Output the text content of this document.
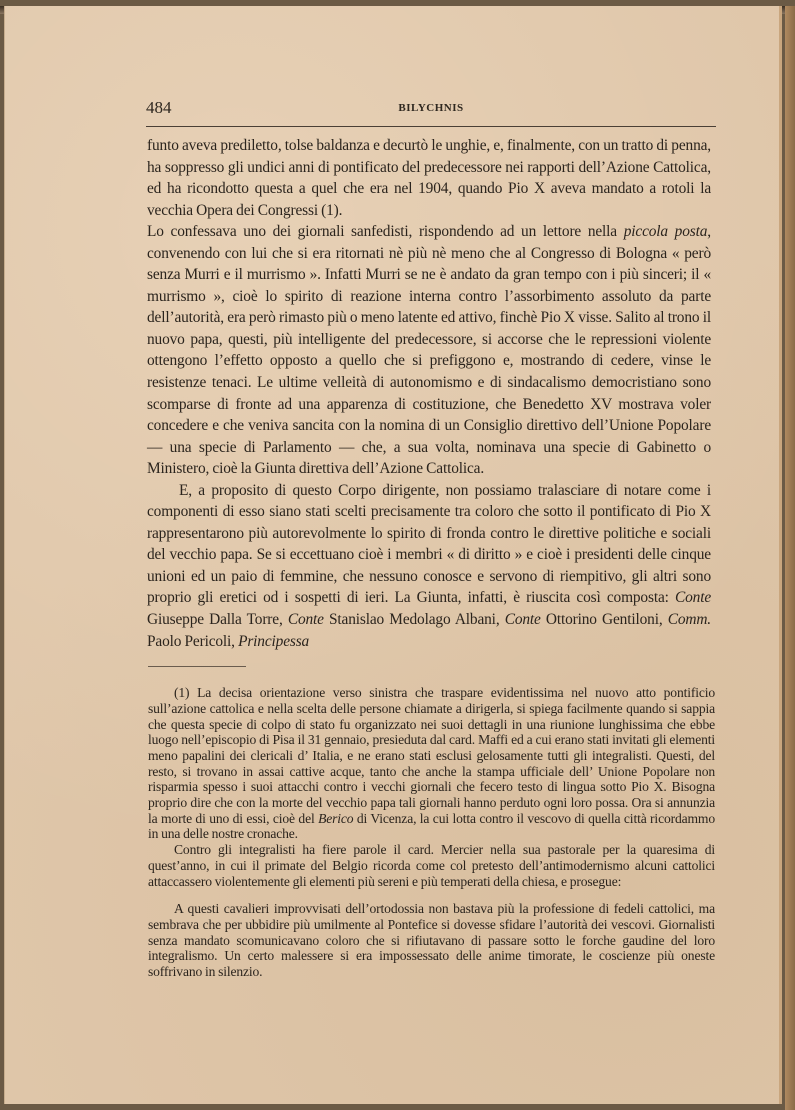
484	BILYCHNIS

funto aveva prediletto, tolse baldanza e decurtò le unghie, e, finalmente, con un tratto di penna, ha soppresso gli undici anni di pontificato del predecessore nei rapporti dell’Azione Cattolica, ed ha ricondotto questa a quel che era nel 1904, quando Pio X aveva mandato a rotoli la vecchia Opera dei Congressi (1).

Lo confessava uno dei giornali sanfedisti, rispondendo ad un lettore nella piccola posta, convenendo con lui che si era ritornati nè più nè meno che al Congresso di Bologna « però senza Murri e il murrismo ». Infatti Murri se ne è andato da gran tempo con i più sinceri; il « murrismo », cioè lo spirito di reazione interna contro l’assorbimento assoluto da parte dell’autorità, era però rimasto più o meno latente ed attivo, finchè Pio X visse. Salito al trono il nuovo papa, questi, più intelligente del predecessore, si accorse che le repressioni violente ottengono l’effetto opposto a quello che si prefiggono e, mostrando di cedere, vinse le resistenze tenaci. Le ultime velleità di autonomismo e di sindacalismo democristiano sono scomparse di fronte ad una apparenza di costituzione, che Benedetto XV mostrava voler concedere e che veniva sancita con la nomina di un Consiglio direttivo dell’Unione Popolare — una specie di Parlamento — che, a sua volta, nominava una specie di Gabinetto o Ministero, cioè la Giunta direttiva dell’Azione Cattolica.

E, a proposito di questo Corpo dirigente, non possiamo tralasciare di notare come i componenti di esso siano stati scelti precisamente tra coloro che sotto il pontificato di Pio X rappresentarono più autorevolmente lo spirito di fronda contro le direttive politiche e sociali del vecchio papa. Se si eccettuano cioè i membri « di diritto » e cioè i presidenti delle cinque unioni ed un paio di femmine, che nessuno conosce e servono di riempitivo, gli altri sono proprio gli eretici od i sospetti di ieri. La Giunta, infatti, è riuscita così composta: Conte Giuseppe Dalla Torre, Conte Stanislao Medolago Albani, Conte Ottorino Gentiloni, Comm. Paolo Pericoli, Principessa

(1) La decisa orientazione verso sinistra che traspare evidentissima nel nuovo atto pontificio sull’azione cattolica e nella scelta delle persone chiamate a dirigerla, si spiega facilmente quando si sappia che questa specie di colpo di stato fu organizzato nei suoi dettagli in una riunione lunghissima che ebbe luogo nell’episcopio di Pisa il 31 gennaio, presieduta dal card. Maffi ed a cui erano stati invitati gli elementi meno papalini dei clericali d’ Italia, e ne erano stati esclusi gelosamente tutti gli integralisti. Questi, del resto, si trovano in assai cattive acque, tanto che anche la stampa ufficiale dell’ Unione Popolare non risparmia spesso i suoi attacchi contro i vecchi giornali che fecero testo di lingua sotto Pio X. Bisogna proprio dire che con la morte del vecchio papa tali giornali hanno perduto ogni loro possa. Ora si annunzia la morte di uno di essi, cioè del Berico di Vicenza, la cui lotta contro il vescovo di quella città ricordammo in una delle nostre cronache.

Contro gli integralisti ha fiere parole il card. Mercier nella sua pastorale per la quaresima di quest’anno, in cui il primate del Belgio ricorda come col pretesto dell’antimodernismo alcuni cattolici attaccassero violentemente gli elementi più sereni e più temperati della chiesa, e prosegue:

A questi cavalieri improvvisati dell’ortodossia non bastava più la professione di fedeli cattolici, ma sembrava che per ubbidire più umilmente al Pontefice si dovesse sfidare l’autorità dei vescovi. Giornalisti senza mandato scomunicavano coloro che si rifiutavano di passare sotto le forche gaudine del loro integralismo. Un certo malessere si era impossessato delle anime timorate, le coscienze più oneste soffrivano in silenzio.
